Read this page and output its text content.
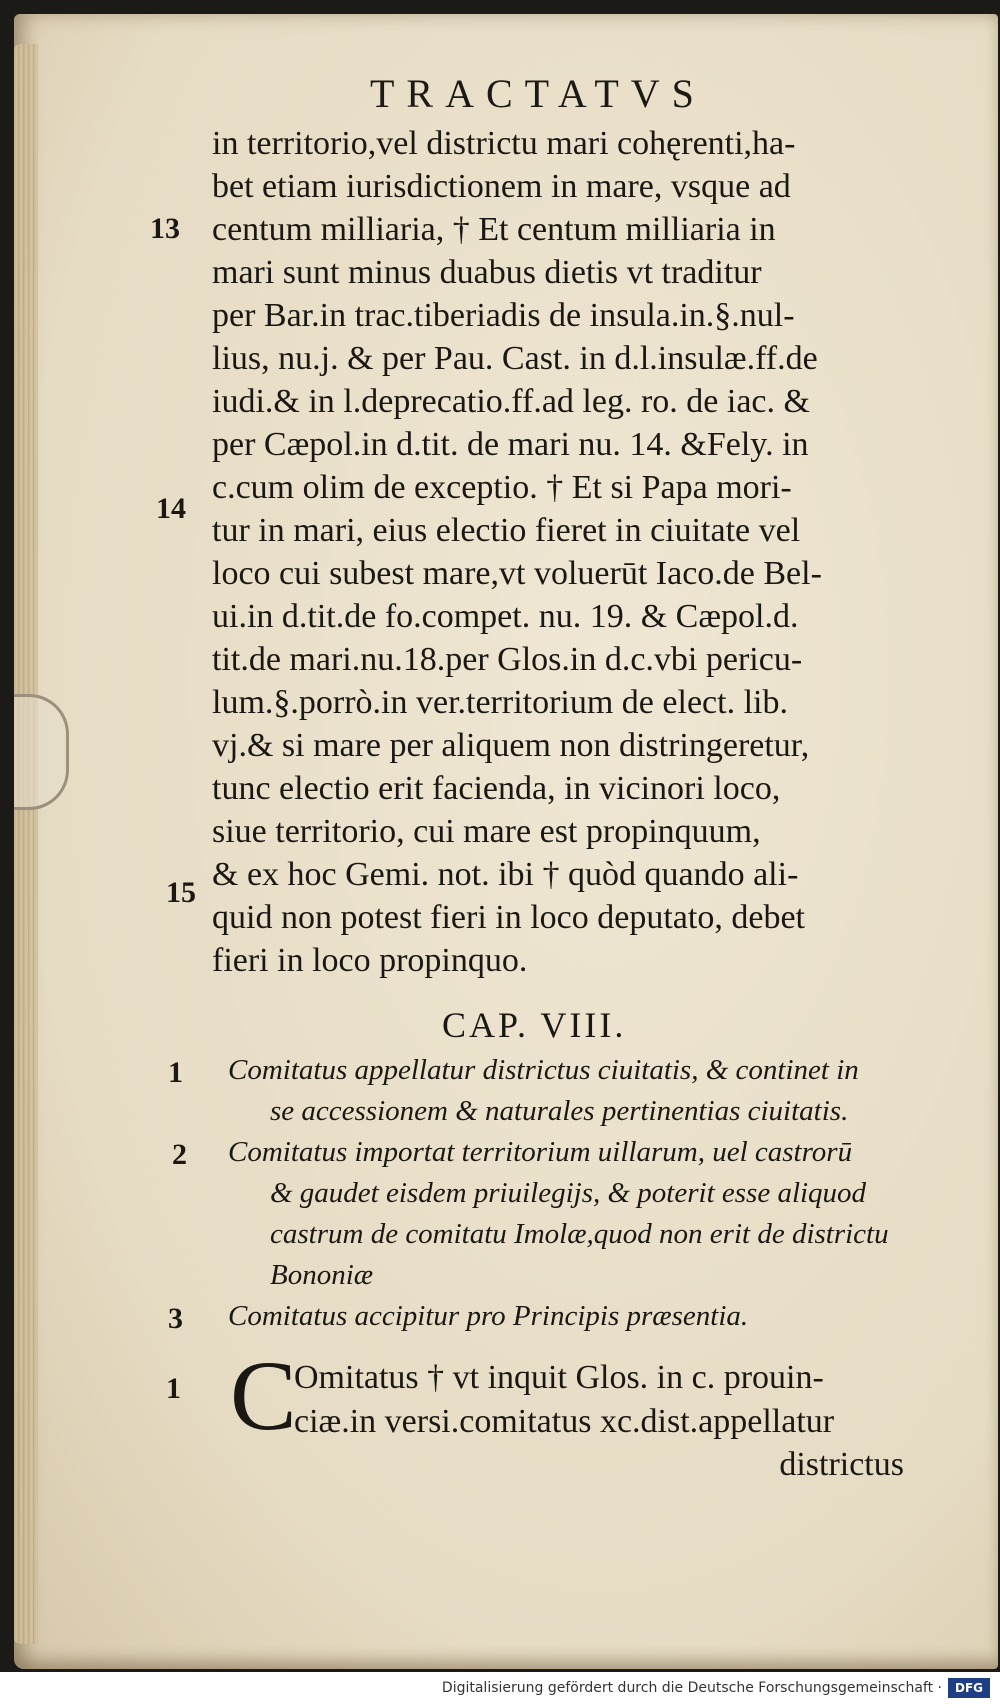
TRACTATVS
in territorio,vel districtu mari cohęrenti,ha-
bet etiam iurisdictionem in mare, vsque ad
centum milliaria, † Et centum milliaria in
mari sunt minus duabus dietis vt traditur
per Bar.in trac.tiberiadis de insula.in.§.nul-
lius, nu.j. & per Pau. Cast. in d.l.insulæ.ff.de
iudi.& in l.deprecatio.ff.ad leg. ro. de iac. &
per Cæpol.in d.tit. de mari nu. 14. &Fely. in
c.cum olim de exceptio. † Et si Papa mori-
tur in mari, eius electio fieret in ciuitate vel
loco cui subest mare,vt voluerūt Iaco.de Bel-
ui.in d.tit.de fo.compet. nu. 19. & Cæpol.d.
tit.de mari.nu.18.per Glos.in d.c.vbi pericu-
lum.§.porrò.in ver.territorium de elect. lib.
vj.& si mare per aliquem non distringeretur,
tunc electio erit facienda, in vicinori loco,
siue territorio, cui mare est propinquum,
& ex hoc Gemi. not. ibi † quòd quando ali-
quid non potest fieri in loco deputato, debet
fieri in loco propinquo.
13
14
15
CAP. VIII.
1
2
3
Comitatus appellatur districtus ciuitatis, & continet in
se accessionem & naturales pertinentias ciuitatis.
Comitatus importat territorium uillarum, uel castrorū
& gaudet eisdem priuilegijs, & poterit esse aliquod
castrum de comitatu Imolæ,quod non erit de districtu
Bononiæ
Comitatus accipitur pro Principis præsentia.
1 C
Omitatus † vt inquit Glos. in c. prouin-
ciæ.in versi.comitatus xc.dist.appellatur
districtus
Digitalisierung gefördert durch die Deutsche Forschungsgemeinschaft ·	DFG
